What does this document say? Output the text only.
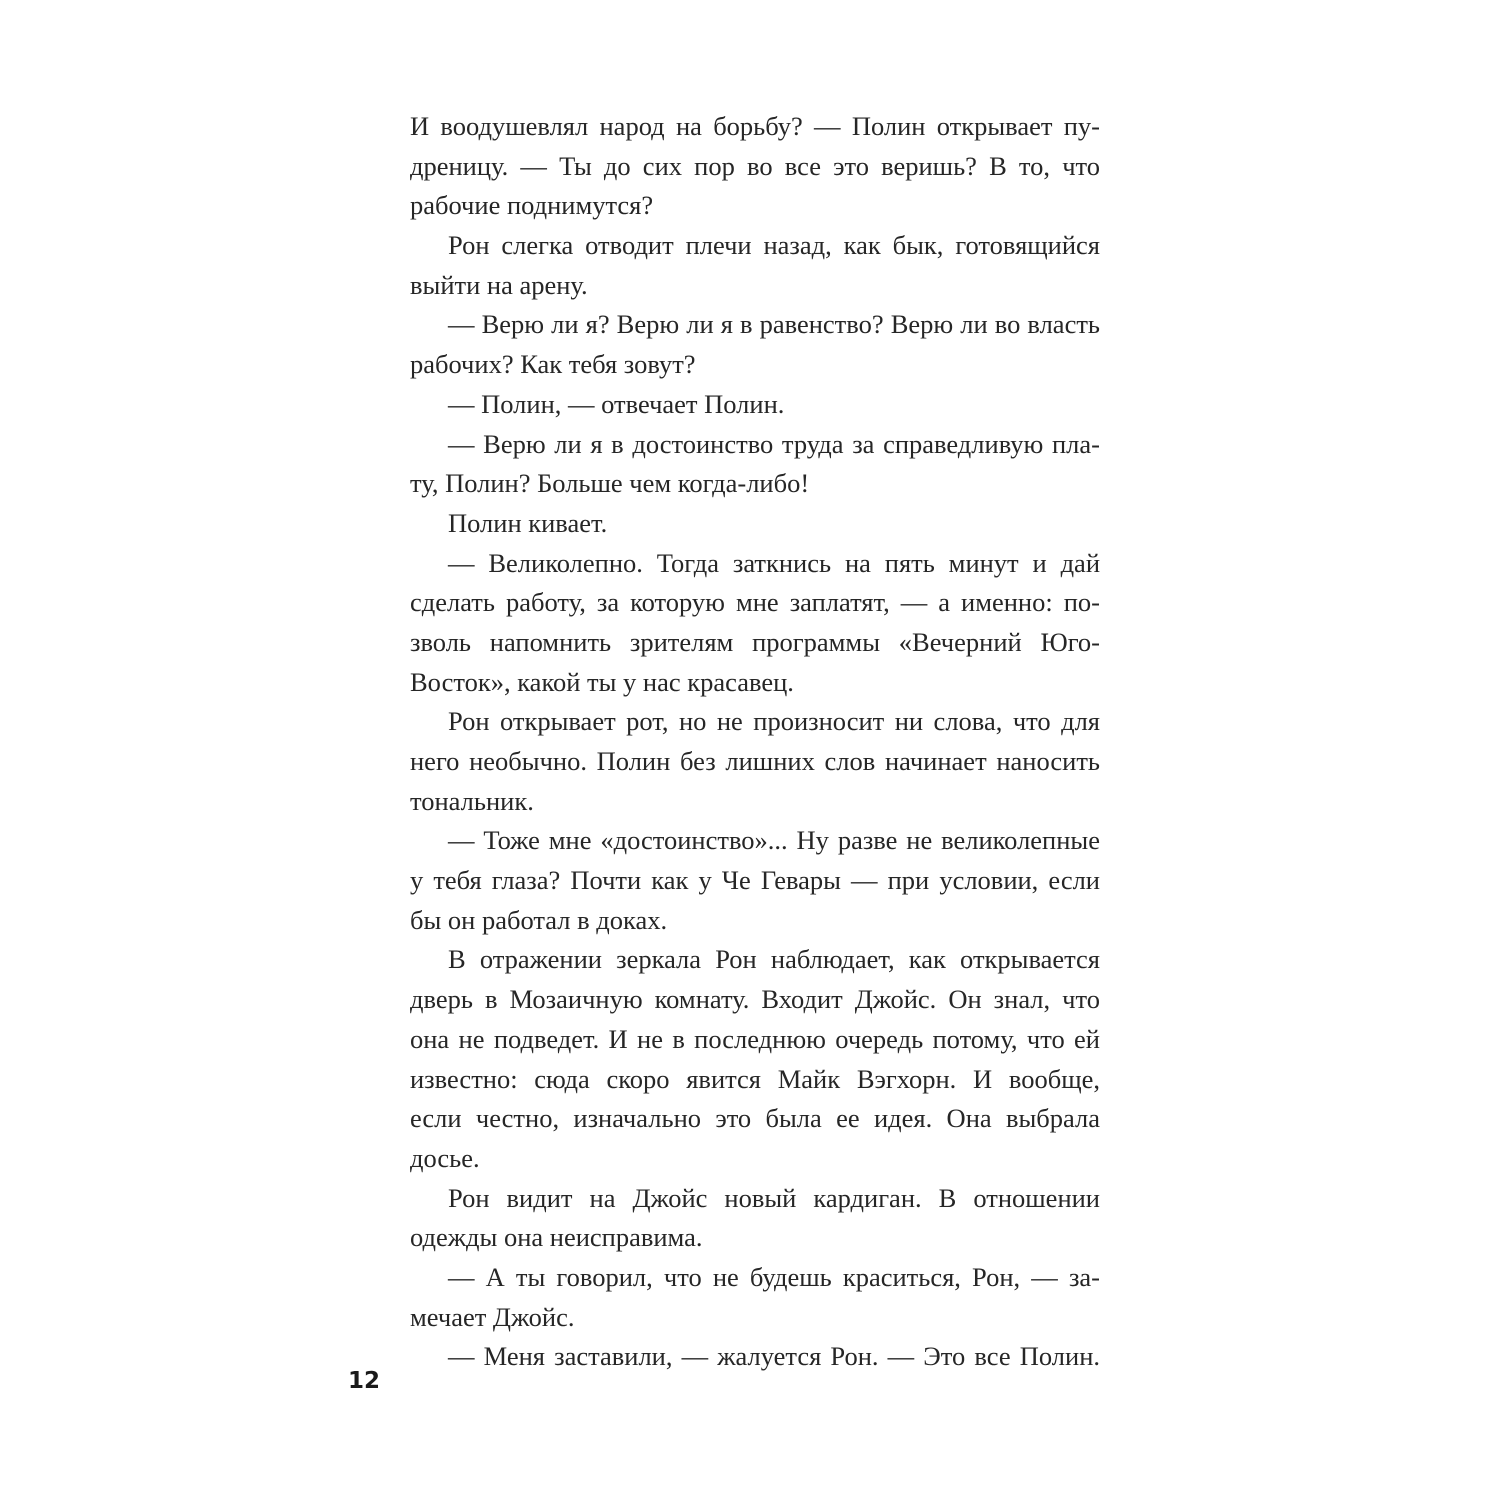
И воодушевлял народ на борьбу? — Полин открывает пу-
дреницу. — Ты до сих пор во все это веришь? В то, что
рабочие поднимутся?
Рон слегка отводит плечи назад, как бык, готовящийся
выйти на арену.
— Верю ли я? Верю ли я в равенство? Верю ли во власть
рабочих? Как тебя зовут?
— Полин, — отвечает Полин.
— Верю ли я в достоинство труда за справедливую пла-
ту, Полин? Больше чем когда-либо!
Полин кивает.
— Великолепно. Тогда заткнись на пять минут и дай
сделать работу, за которую мне заплатят, — а именно: по-
зволь напомнить зрителям программы «Вечерний Юго-
Восток», какой ты у нас красавец.
Рон открывает рот, но не произносит ни слова, что для
него необычно. Полин без лишних слов начинает наносить
тональник.
— Тоже мне «достоинство»... Ну разве не великолепные
у тебя глаза? Почти как у Че Гевары — при условии, если
бы он работал в доках.
В отражении зеркала Рон наблюдает, как открывается
дверь в Мозаичную комнату. Входит Джойс. Он знал, что
она не подведет. И не в последнюю очередь потому, что ей
известно: сюда скоро явится Майк Вэгхорн. И вообще,
если честно, изначально это была ее идея. Она выбрала
досье.
Рон видит на Джойс новый кардиган. В отношении
одежды она неисправима.
— А ты говорил, что не будешь краситься, Рон, — за-
мечает Джойс.
— Меня заставили, — жалуется Рон. — Это все Полин.
12
